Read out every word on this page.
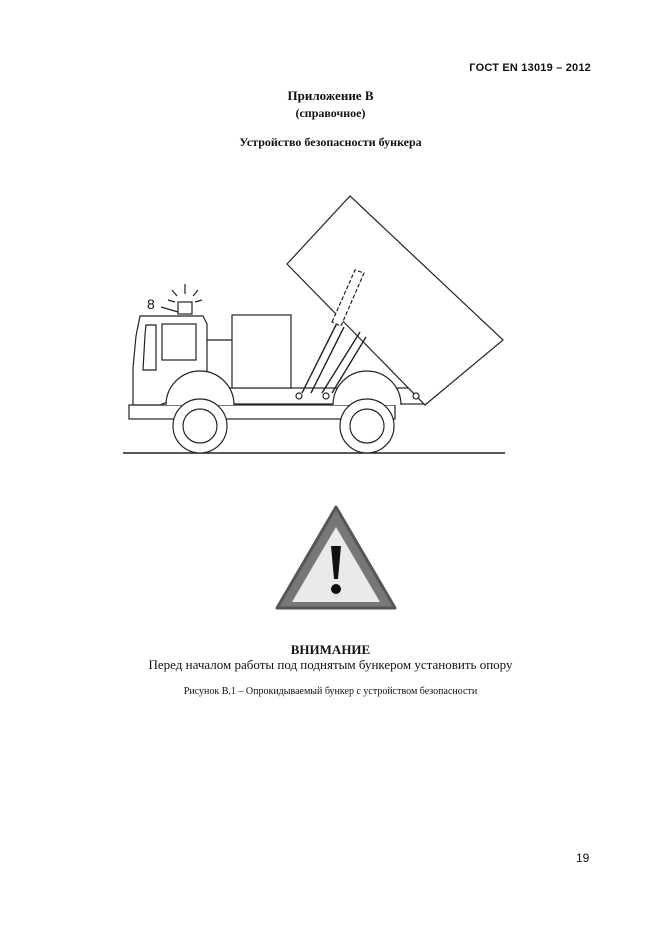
ГОСТ EN 13019 – 2012
Приложение В
(справочное)
Устройство безопасности бункера
8
ВНИМАНИЕ
Перед началом работы под поднятым бункером установить опору
Рисунок В.1 – Опрокидываемый бункер с устройством безопасности
19
